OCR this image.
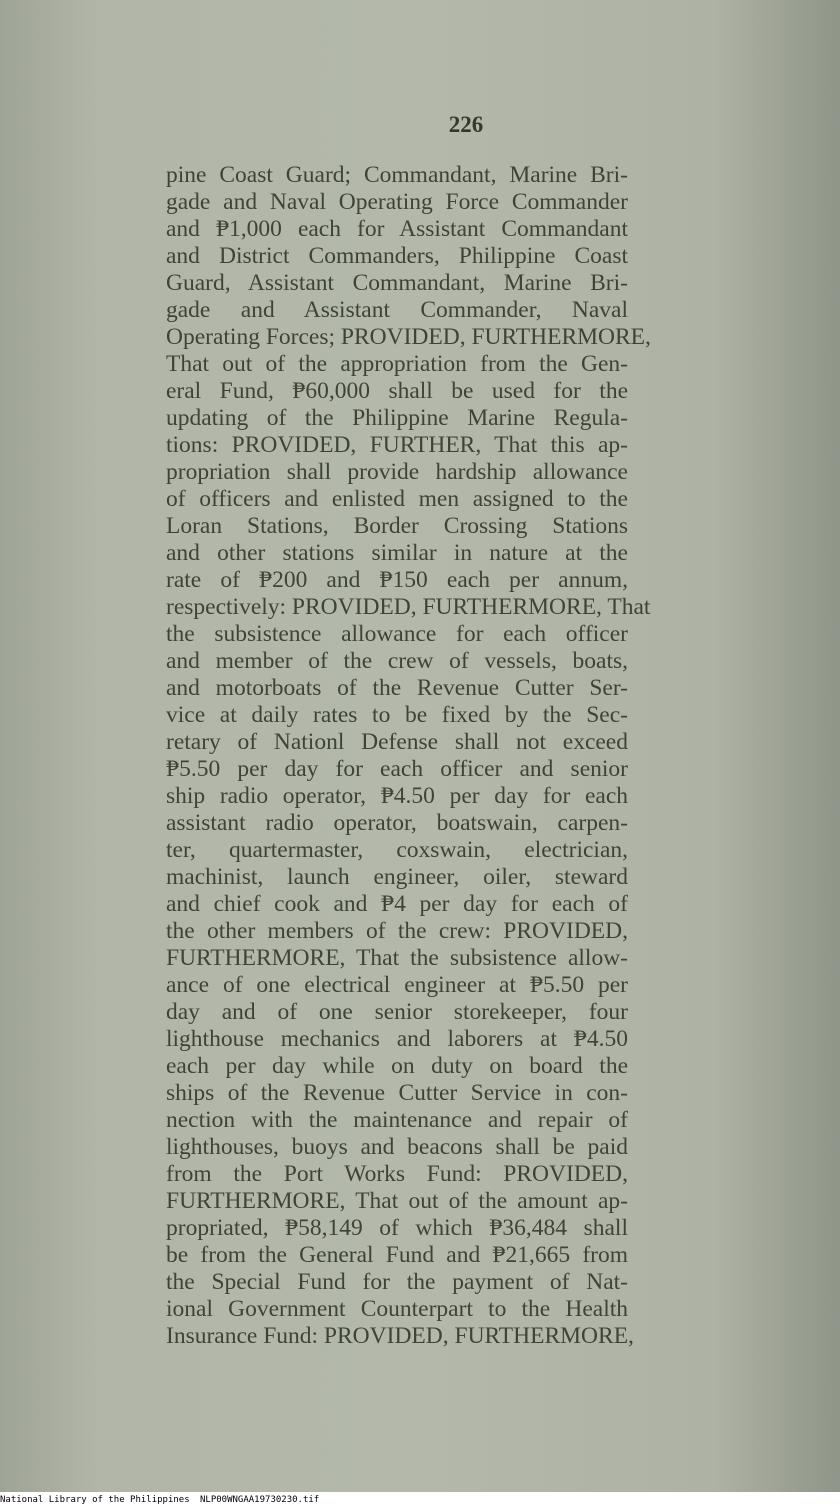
226
pine Coast Guard; Commandant, Marine Bri-
gade and Naval Operating Force Commander
and ₱1,000 each for Assistant Commandant
and District Commanders, Philippine Coast
Guard, Assistant Commandant, Marine Bri-
gade and Assistant Commander, Naval
Operating Forces; PROVIDED, FURTHERMORE,
That out of the appropriation from the Gen-
eral Fund, ₱60,000 shall be used for the
updating of the Philippine Marine Regula-
tions: PROVIDED, FURTHER, That this ap-
propriation shall provide hardship allowance
of officers and enlisted men assigned to the
Loran Stations, Border Crossing Stations
and other stations similar in nature at the
rate of ₱200 and ₱150 each per annum,
respectively: PROVIDED, FURTHERMORE, That
the subsistence allowance for each officer
and member of the crew of vessels, boats,
and motorboats of the Revenue Cutter Ser-
vice at daily rates to be fixed by the Sec-
retary of Nationl Defense shall not exceed
₱5.50 per day for each officer and senior
ship radio operator, ₱4.50 per day for each
assistant radio operator, boatswain, carpen-
ter, quartermaster, coxswain, electrician,
machinist, launch engineer, oiler, steward
and chief cook and ₱4 per day for each of
the other members of the crew: PROVIDED,
FURTHERMORE, That the subsistence allow-
ance of one electrical engineer at ₱5.50 per
day and of one senior storekeeper, four
lighthouse mechanics and laborers at ₱4.50
each per day while on duty on board the
ships of the Revenue Cutter Service in con-
nection with the maintenance and repair of
lighthouses, buoys and beacons shall be paid
from the Port Works Fund: PROVIDED,
FURTHERMORE, That out of the amount ap-
propriated, ₱58,149 of which ₱36,484 shall
be from the General Fund and ₱21,665 from
the Special Fund for the payment of Nat-
ional Government Counterpart to the Health
Insurance Fund: PROVIDED, FURTHERMORE,
National Library of the Philippines NLP00WNGAA19730230.tif
